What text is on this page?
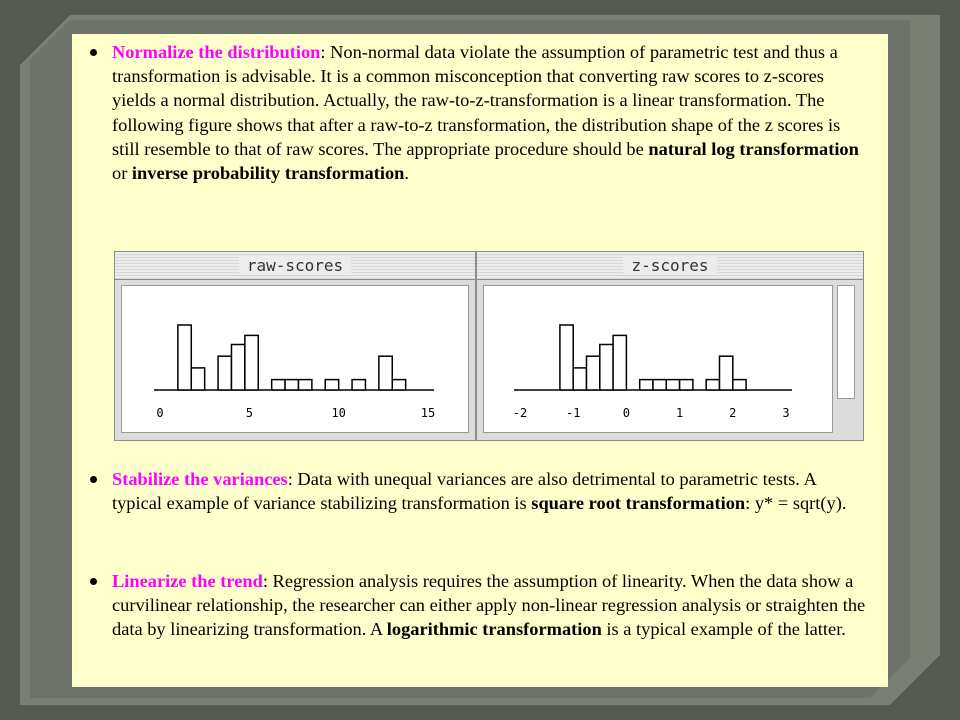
Normalize the distribution: Non-normal data violate the assumption of parametric test and thus a transformation is advisable. It is a common misconception that converting raw scores to z-scores yields a normal distribution. Actually, the raw-to-z-transformation is a linear transformation. The following figure shows that after a raw-to-z transformation, the distribution shape of the z scores is still resemble to that of raw scores. The appropriate procedure should be natural log transformation or inverse probability transformation.
raw-scores
0	5	10	15
z-scores
-2	-1	0	1	2	3
Stabilize the variances: Data with unequal variances are also detrimental to parametric tests. A typical example of variance stabilizing transformation is square root transformation: y* = sqrt(y).
Linearize the trend: Regression analysis requires the assumption of linearity. When the data show a curvilinear relationship, the researcher can either apply non-linear regression analysis or straighten the data by linearizing transformation. A logarithmic transformation is a typical example of the latter.
